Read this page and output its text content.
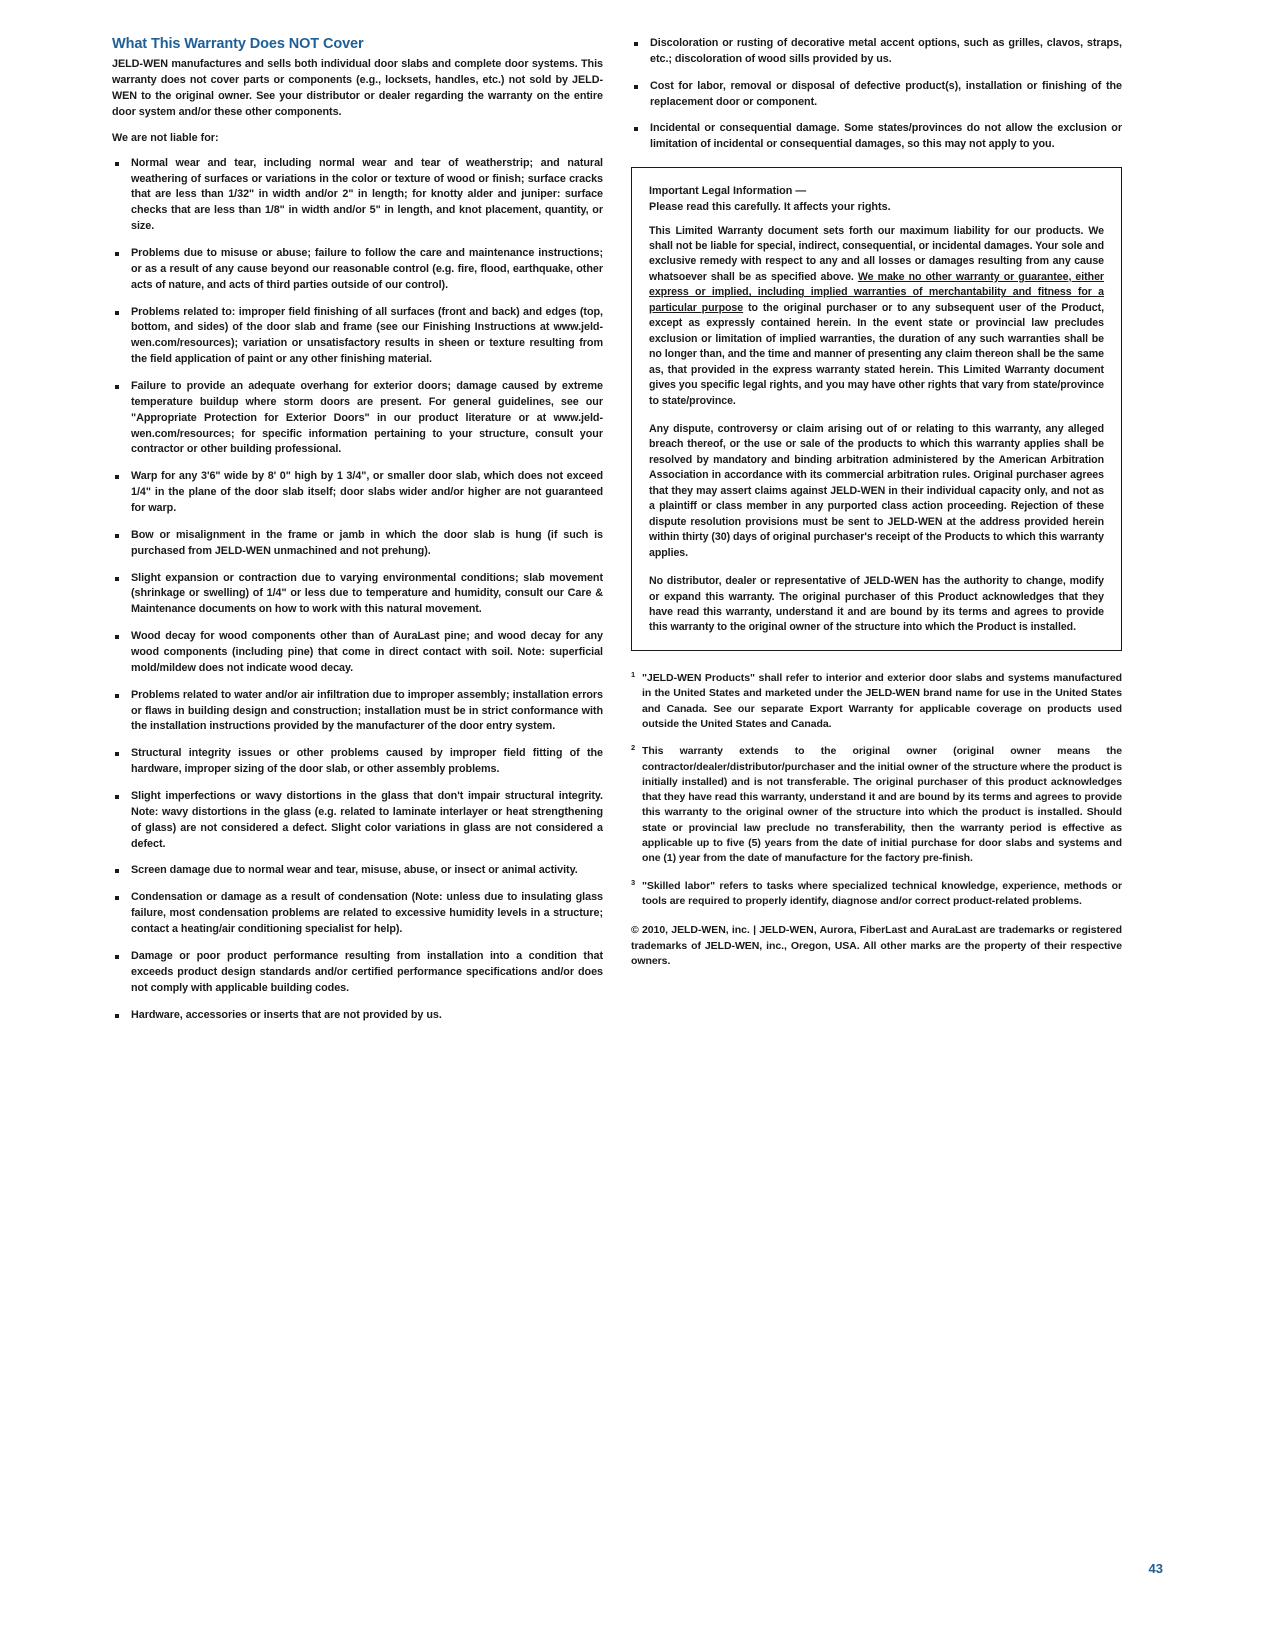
What This Warranty Does NOT Cover

JELD-WEN manufactures and sells both individual door slabs and complete door systems. This warranty does not cover parts or components (e.g., locksets, handles, etc.) not sold by JELD-WEN to the original owner. See your distributor or dealer regarding the warranty on the entire door system and/or these other components.

We are not liable for:

Normal wear and tear, including normal wear and tear of weatherstrip; and natural weathering of surfaces or variations in the color or texture of wood or finish; surface cracks that are less than 1/32" in width and/or 2" in length; for knotty alder and juniper: surface checks that are less than 1/8" in width and/or 5" in length, and knot placement, quantity, or size.
Problems due to misuse or abuse; failure to follow the care and maintenance instructions; or as a result of any cause beyond our reasonable control (e.g. fire, flood, earthquake, other acts of nature, and acts of third parties outside of our control).
Problems related to: improper field finishing of all surfaces (front and back) and edges (top, bottom, and sides) of the door slab and frame (see our Finishing Instructions at www.jeld-wen.com/resources); variation or unsatisfactory results in sheen or texture resulting from the field application of paint or any other finishing material.
Failure to provide an adequate overhang for exterior doors; damage caused by extreme temperature buildup where storm doors are present. For general guidelines, see our "Appropriate Protection for Exterior Doors" in our product literature or at www.jeld-wen.com/resources; for specific information pertaining to your structure, consult your contractor or other building professional.
Warp for any 3'6" wide by 8' 0" high by 1 3/4", or smaller door slab, which does not exceed 1/4" in the plane of the door slab itself; door slabs wider and/or higher are not guaranteed for warp.
Bow or misalignment in the frame or jamb in which the door slab is hung (if such is purchased from JELD-WEN unmachined and not prehung).
Slight expansion or contraction due to varying environmental conditions; slab movement (shrinkage or swelling) of 1/4" or less due to temperature and humidity, consult our Care & Maintenance documents on how to work with this natural movement.
Wood decay for wood components other than of AuraLast pine; and wood decay for any wood components (including pine) that come in direct contact with soil. Note: superficial mold/mildew does not indicate wood decay.
Problems related to water and/or air infiltration due to improper assembly; installation errors or flaws in building design and construction; installation must be in strict conformance with the installation instructions provided by the manufacturer of the door entry system.
Structural integrity issues or other problems caused by improper field fitting of the hardware, improper sizing of the door slab, or other assembly problems.
Slight imperfections or wavy distortions in the glass that don't impair structural integrity. Note: wavy distortions in the glass (e.g. related to laminate interlayer or heat strengthening of glass) are not considered a defect. Slight color variations in glass are not considered a defect.
Screen damage due to normal wear and tear, misuse, abuse, or insect or animal activity.
Condensation or damage as a result of condensation (Note: unless due to insulating glass failure, most condensation problems are related to excessive humidity levels in a structure; contact a heating/air conditioning specialist for help).
Damage or poor product performance resulting from installation into a condition that exceeds product design standards and/or certified performance specifications and/or does not comply with applicable building codes.
Hardware, accessories or inserts that are not provided by us.
Discoloration or rusting of decorative metal accent options, such as grilles, clavos, straps, etc.; discoloration of wood sills provided by us.
Cost for labor, removal or disposal of defective product(s), installation or finishing of the replacement door or component.
Incidental or consequential damage. Some states/provinces do not allow the exclusion or limitation of incidental or consequential damages, so this may not apply to you.
Important Legal Information —
Please read this carefully. It affects your rights.

This Limited Warranty document sets forth our maximum liability for our products. We shall not be liable for special, indirect, consequential, or incidental damages. Your sole and exclusive remedy with respect to any and all losses or damages resulting from any cause whatsoever shall be as specified above. We make no other warranty or guarantee, either express or implied, including implied warranties of merchantability and fitness for a particular purpose to the original purchaser or to any subsequent user of the Product, except as expressly contained herein. In the event state or provincial law precludes exclusion or limitation of implied warranties, the duration of any such warranties shall be no longer than, and the time and manner of presenting any claim thereon shall be the same as, that provided in the express warranty stated herein. This Limited Warranty document gives you specific legal rights, and you may have other rights that vary from state/province to state/province.

Any dispute, controversy or claim arising out of or relating to this warranty, any alleged breach thereof, or the use or sale of the products to which this warranty applies shall be resolved by mandatory and binding arbitration administered by the American Arbitration Association in accordance with its commercial arbitration rules. Original purchaser agrees that they may assert claims against JELD-WEN in their individual capacity only, and not as a plaintiff or class member in any purported class action proceeding. Rejection of these dispute resolution provisions must be sent to JELD-WEN at the address provided herein within thirty (30) days of original purchaser's receipt of the Products to which this warranty applies.

No distributor, dealer or representative of JELD-WEN has the authority to change, modify or expand this warranty. The original purchaser of this Product acknowledges that they have read this warranty, understand it and are bound by its terms and agrees to provide this warranty to the original owner of the structure into which the Product is installed.

1 "JELD-WEN Products" shall refer to interior and exterior door slabs and systems manufactured in the United States and marketed under the JELD-WEN brand name for use in the United States and Canada. See our separate Export Warranty for applicable coverage on products used outside the United States and Canada.

2 This warranty extends to the original owner (original owner means the contractor/dealer/distributor/purchaser and the initial owner of the structure where the product is initially installed) and is not transferable. The original purchaser of this product acknowledges that they have read this warranty, understand it and are bound by its terms and agrees to provide this warranty to the original owner of the structure into which the product is installed. Should state or provincial law preclude no transferability, then the warranty period is effective as applicable up to five (5) years from the date of initial purchase for door slabs and systems and one (1) year from the date of manufacture for the factory pre-finish.

3 "Skilled labor" refers to tasks where specialized technical knowledge, experience, methods or tools are required to properly identify, diagnose and/or correct product-related problems.

© 2010, JELD-WEN, inc. | JELD-WEN, Aurora, FiberLast and AuraLast are trademarks or registered trademarks of JELD-WEN, inc., Oregon, USA. All other marks are the property of their respective owners.

43
